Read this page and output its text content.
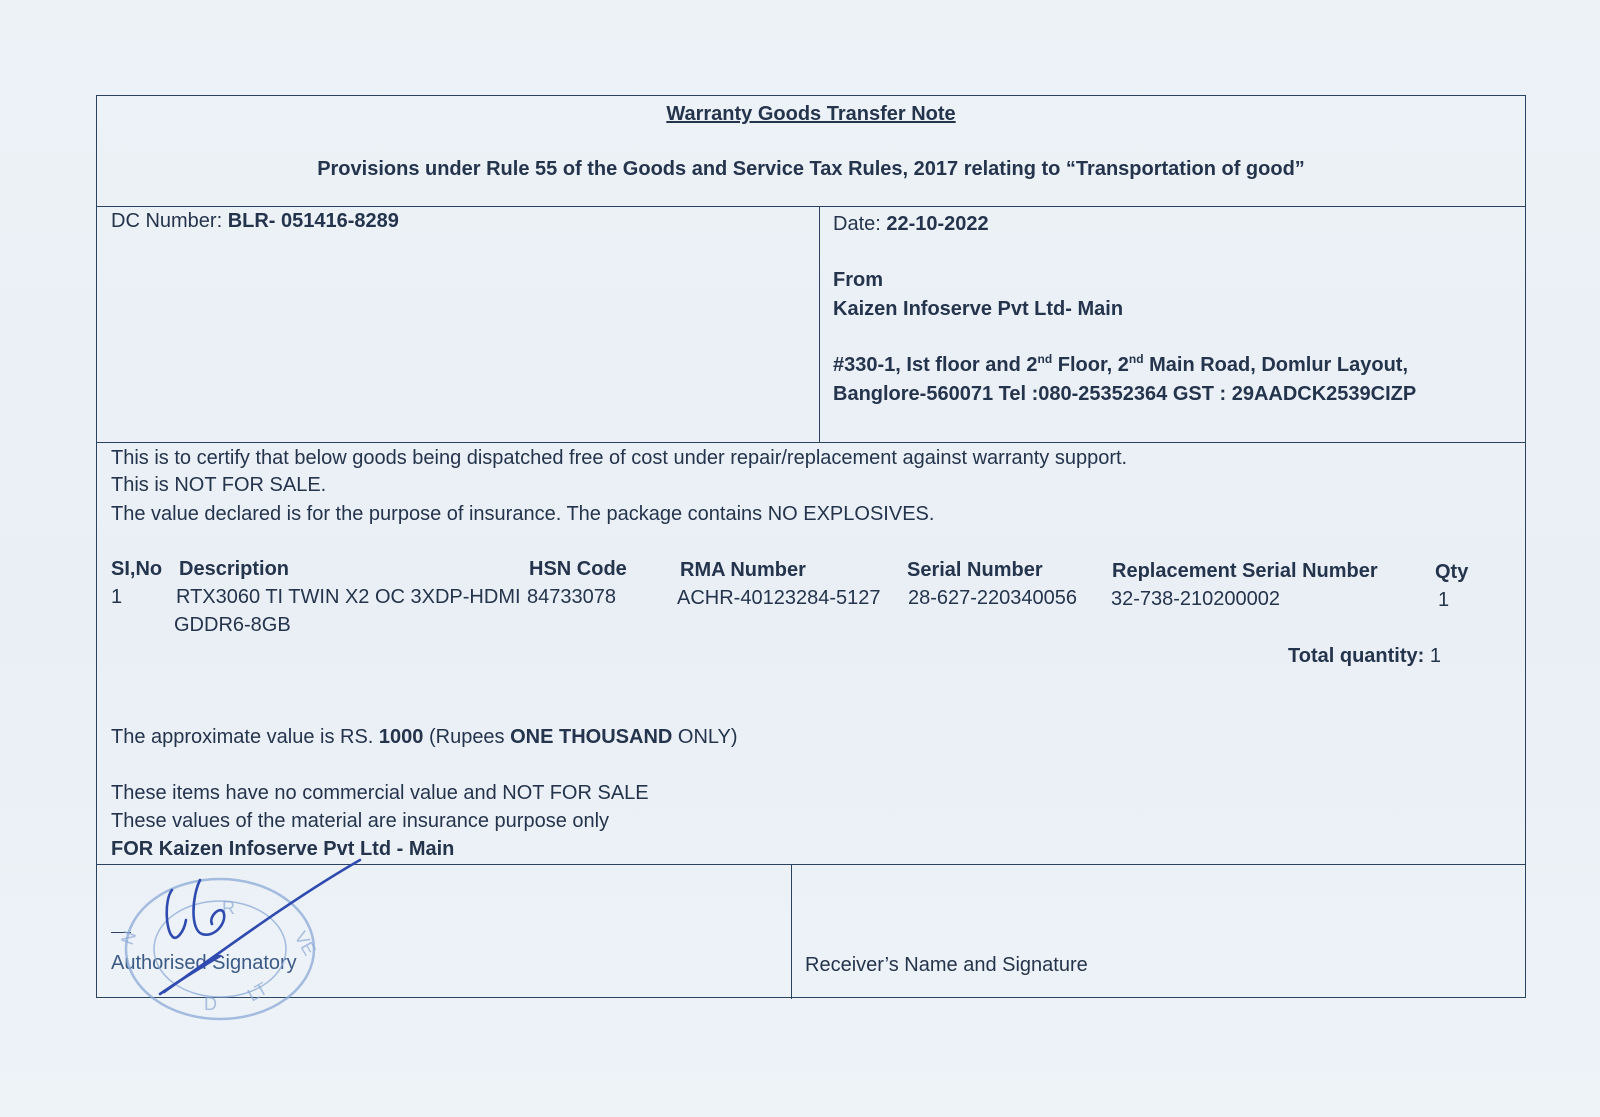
Warranty Goods Transfer Note
Provisions under Rule 55 of the Goods and Service Tax Rules, 2017 relating to “Transportation of good”
DC Number: BLR- 051416-8289	Date: 22-10-2022
From
Kaizen Infoserve Pvt Ltd- Main
#330-1, Ist floor and 2nd Floor, 2nd Main Road, Domlur Layout,
Banglore-560071 Tel :080-25352364 GST : 29AADCK2539CIZP
This is to certify that below goods being dispatched free of cost under repair/replacement against warranty support.
This is NOT FOR SALE.
The value declared is for the purpose of insurance. The package contains NO EXPLOSIVES.
SI,No Description	HSN Code	RMA Number	Serial Number	Replacement Serial Number	Qty
1	RTX3060 TI TWIN X2 OC 3XDP-HDMI
GDDR6-8GB
84733078	ACHR-40123284-5127 28-627-220340056 32-738-210200002	1
Total quantity: 1
The approximate value is RS. 1000 (Rupees ONE THOUSAND ONLY)
These items have no commercial value and NOT FOR SALE
These values of the material are insurance purpose only
FOR Kaizen Infoserve Pvt Ltd - Main
Authorised Signatory	Receiver’s Name and Signature
N	VE
R
D LT
